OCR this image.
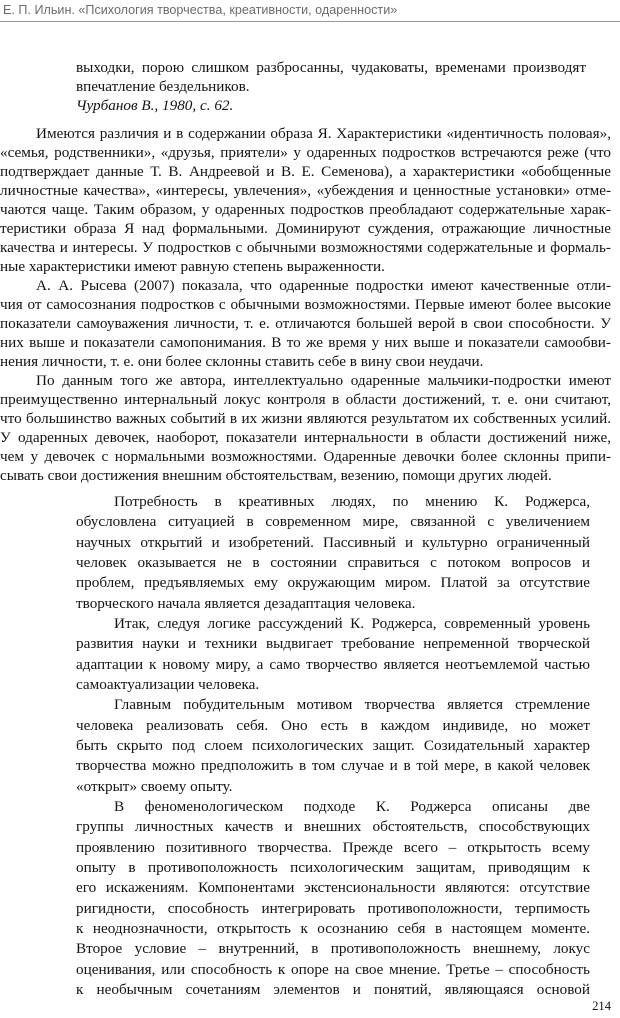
Е. П. Ильин. «Психология творчества, креативности, одаренности»
выходки, порою слишком разбросанны, чудаковаты, временами производят
впечатление бездельников.
Чурбанов В., 1980, с. 62.
Имеются различия и в содержании образа Я. Характеристики «идентичность половая»,
«семья, родственники», «друзья, приятели» у одаренных подростков встречаются реже (что
подтверждает данные Т. В. Андреевой и В. Е. Семенова), а характеристики «обобщенные
личностные качества», «интересы, увлечения», «убеждения и ценностные установки» отме-
чаются чаще. Таким образом, у одаренных подростков преобладают содержательные харак-
теристики образа Я над формальными. Доминируют суждения, отражающие личностные
качества и интересы. У подростков с обычными возможностями содержательные и формаль-
ные характеристики имеют равную степень выраженности.
А. А. Рысева (2007) показала, что одаренные подростки имеют качественные отли-
чия от самосознания подростков с обычными возможностями. Первые имеют более высокие
показатели самоуважения личности, т. е. отличаются большей верой в свои способности. У
них выше и показатели самопонимания. В то же время у них выше и показатели самообви-
нения личности, т. е. они более склонны ставить себе в вину свои неудачи.
По данным того же автора, интеллектуально одаренные мальчики-подростки имеют
преимущественно интернальный локус контроля в области достижений, т. е. они считают,
что большинство важных событий в их жизни являются результатом их собственных усилий.
У одаренных девочек, наоборот, показатели интернальности в области достижений ниже,
чем у девочек с нормальными возможностями. Одаренные девочки более склонны припи-
сывать свои достижения внешним обстоятельствам, везению, помощи других людей.
Потребность в креативных людях, по мнению К. Роджерса,
обусловлена ситуацией в современном мире, связанной с увеличением
научных открытий и изобретений. Пассивный и культурно ограниченный
человек оказывается не в состоянии справиться с потоком вопросов и
проблем, предъявляемых ему окружающим миром. Платой за отсутствие
творческого начала является дезадаптация человека.
Итак, следуя логике рассуждений К. Роджерса, современный уровень
развития науки и техники выдвигает требование непременной творческой
адаптации к новому миру, а само творчество является неотъемлемой частью
самоактуализации человека.
Главным побудительным мотивом творчества является стремление
человека реализовать себя. Оно есть в каждом индивиде, но может
быть скрыто под слоем психологических защит. Созидательный характер
творчества можно предположить в том случае и в той мере, в какой человек
«открыт» своему опыту.
В феноменологическом подходе К. Роджерса описаны две
группы личностных качеств и внешних обстоятельств, способствующих
проявлению позитивного творчества. Прежде всего – открытость всему
опыту в противоположность психологическим защитам, приводящим к
его искажениям. Компонентами экстенсиональности являются: отсутствие
ригидности, способность интегрировать противоположности, терпимость
к неоднозначности, открытость к осознанию себя в настоящем моменте.
Второе условие – внутренний, в противоположность внешнему, локус
оценивания, или способность к опоре на свое мнение. Третье – способность
к необычным сочетаниям элементов и понятий, являющаяся основой
214
